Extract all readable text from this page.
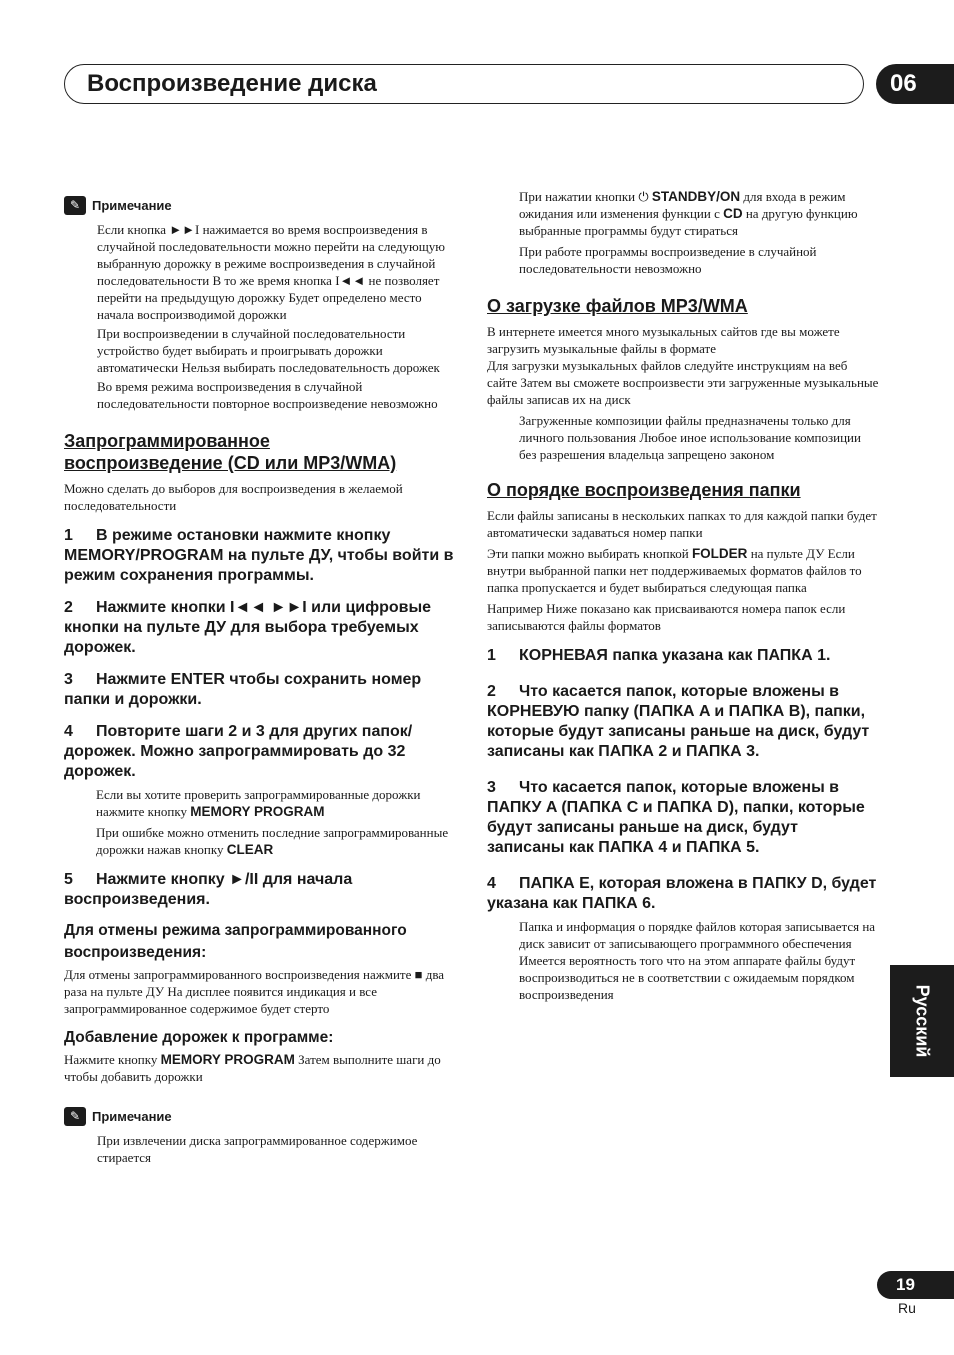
Воспроизведение диска	06
✎ Примечание

Если кнопка ►►I нажимается во время воспроизведения в случайной последовательности можно перейти на следующую выбранную дорожку в режиме воспроизведения в случайной последовательности В то же время кнопка I◄◄ не позволяет перейти на предыдущую дорожку Будет определено место начала воспроизводимой дорожки

При воспроизведении в случайной последовательности устройство будет выбирать и проигрывать дорожки автоматически Нельзя выбирать последовательность дорожек

Во время режима воспроизведения в случайной последовательности повторное воспроизведение невозможно

Запрограммированное
воспроизведение (CD или MP3/WMA)
Можно сделать до выборов для воспроизведения в желаемой последовательности
1 В режиме остановки нажмите кнопку MEMORY/PROGRAM на пульте ДУ, чтобы войти в режим сохранения программы.
2 Нажмите кнопки I◄◄ ►►I или цифровые кнопки на пульте ДУ для выбора требуемых дорожек.
3 Нажмите ENTER чтобы сохранить номер папки и дорожки.
4 Повторите шаги 2 и 3 для других папок/дорожек. Можно запрограммировать до 32 дорожек.
Если вы хотите проверить запрограммированные дорожки нажмите кнопку MEMORY PROGRAM
При ошибке можно отменить последние запрограммированные дорожки нажав кнопку CLEAR
5 Нажмите кнопку ►/II для начала воспроизведения.
Для отмены режима запрограммированного воспроизведения:
Для отмены запрограммированного воспроизведения нажмите ■ два раза на пульте ДУ На дисплее появится индикация и все запрограммированное содержимое будет стерто
Добавление дорожек к программе:
Нажмите кнопку MEMORY PROGRAM Затем выполните шаги до чтобы добавить дорожки
✎ Примечание

При извлечении диска запрограммированное содержимое стирается

При нажатии кнопки ⏻ STANDBY/ON для входа в режим ожидания или изменения функции с CD на другую функцию выбранные программы будут стираться
При работе программы воспроизведение в случайной последовательности невозможно
О загрузке файлов MP3/WMA
В интернете имеется много музыкальных сайтов где вы можете загрузить музыкальные файлы в формате
Для загрузки музыкальных файлов следуйте инструкциям на веб сайте Затем вы сможете воспроизвести эти загруженные музыкальные файлы записав их на диск
Загруженные композиции файлы предназначены только для личного пользования Любое иное использование композиции без разрешения владельца запрещено законом
О порядке воспроизведения папки
Если файлы записаны в нескольких папках то для каждой папки будет автоматически задаваться номер папки
Эти папки можно выбирать кнопкой FOLDER на пульте ДУ Если внутри выбранной папки нет поддерживаемых форматов файлов то папка пропускается и будет выбираться следующая папка
Например Ниже показано как присваиваются номера папок если записываются файлы форматов
1 КОРНЕВАЯ папка указана как ПАПКА 1.
2 Что касается папок, которые вложены в КОРНЕВУЮ папку (ПАПКА A и ПАПКА B), папки, которые будут записаны раньше на диск, будут записаны как ПАПКА 2 и ПАПКА 3.
3 Что касается папок, которые вложены в ПАПКУ A (ПАПКА C и ПАПКА D), папки, которые будут записаны раньше на диск, будут записаны как ПАПКА 4 и ПАПКА 5.
4 ПАПКА E, которая вложена в ПАПКУ D, будет указана как ПАПКА 6.
Папка и информация о порядке файлов которая записывается на диск зависит от записывающего программного обеспечения Имеется вероятность того что на этом аппарате файлы будут воспроизводиться не в соответствии с ожидаемым порядком воспроизведения	Русский
19
Ru
